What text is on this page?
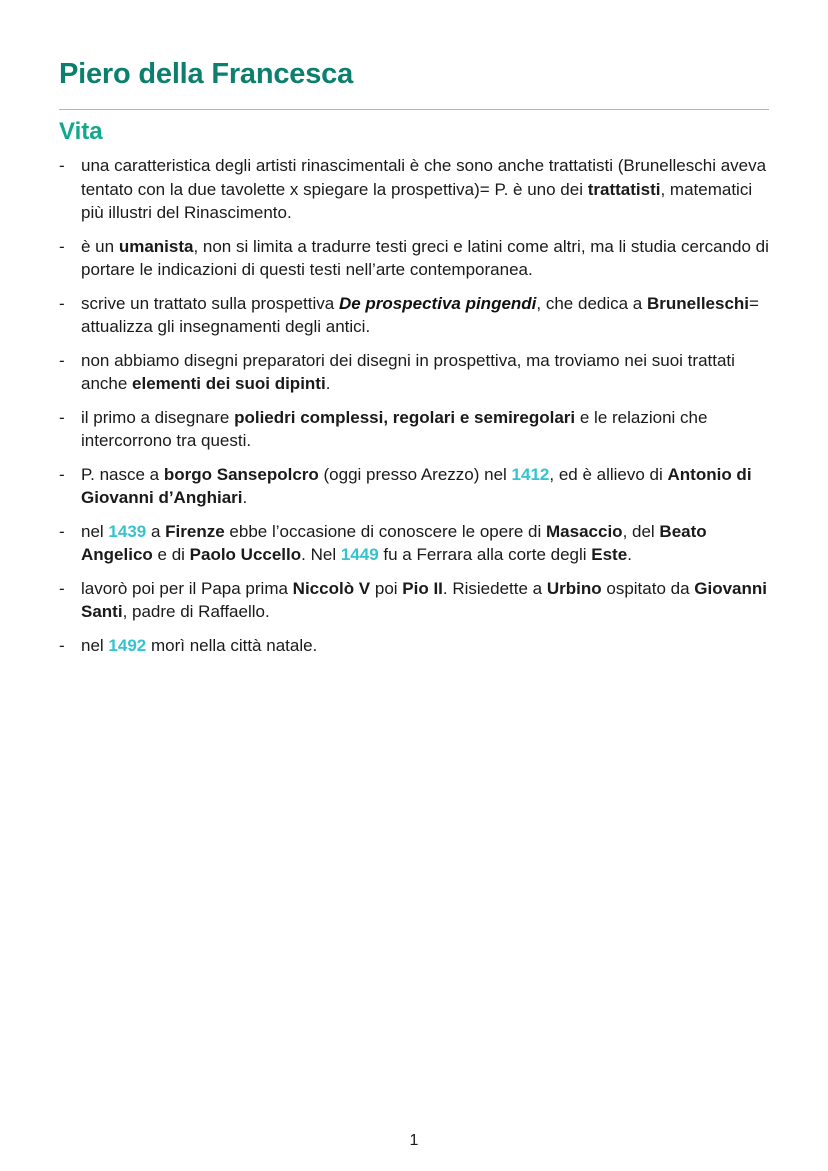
Piero della Francesca
Vita
- una caratteristica degli artisti rinascimentali è che sono anche trattatisti (Brunelleschi aveva tentato con la due tavolette x spiegare la prospettiva)= P. è uno dei trattatisti, matematici più illustri del Rinascimento.
- è un umanista, non si limita a tradurre testi greci e latini come altri, ma li studia cercando di portare le indicazioni di questi testi nell’arte contemporanea.
- scrive un trattato sulla prospettiva De prospectiva pingendi, che dedica a Brunelleschi= attualizza gli insegnamenti degli antici.
- non abbiamo disegni preparatori dei disegni in prospettiva, ma troviamo nei suoi trattati anche elementi dei suoi dipinti.
- il primo a disegnare poliedri complessi, regolari e semiregolari e le relazioni che intercorrono tra questi.
- P. nasce a borgo Sansepolcro (oggi presso Arezzo) nel 1412, ed è allievo di Antonio di Giovanni d’Anghiari.
- nel 1439 a Firenze ebbe l’occasione di conoscere le opere di Masaccio, del Beato Angelico e di Paolo Uccello. Nel 1449 fu a Ferrara alla corte degli Este.
- lavorò poi per il Papa prima Niccolò V poi Pio II. Risiedette a Urbino ospitato da Giovanni Santi, padre di Raffaello.
- nel 1492 morì nella città natale.
1
